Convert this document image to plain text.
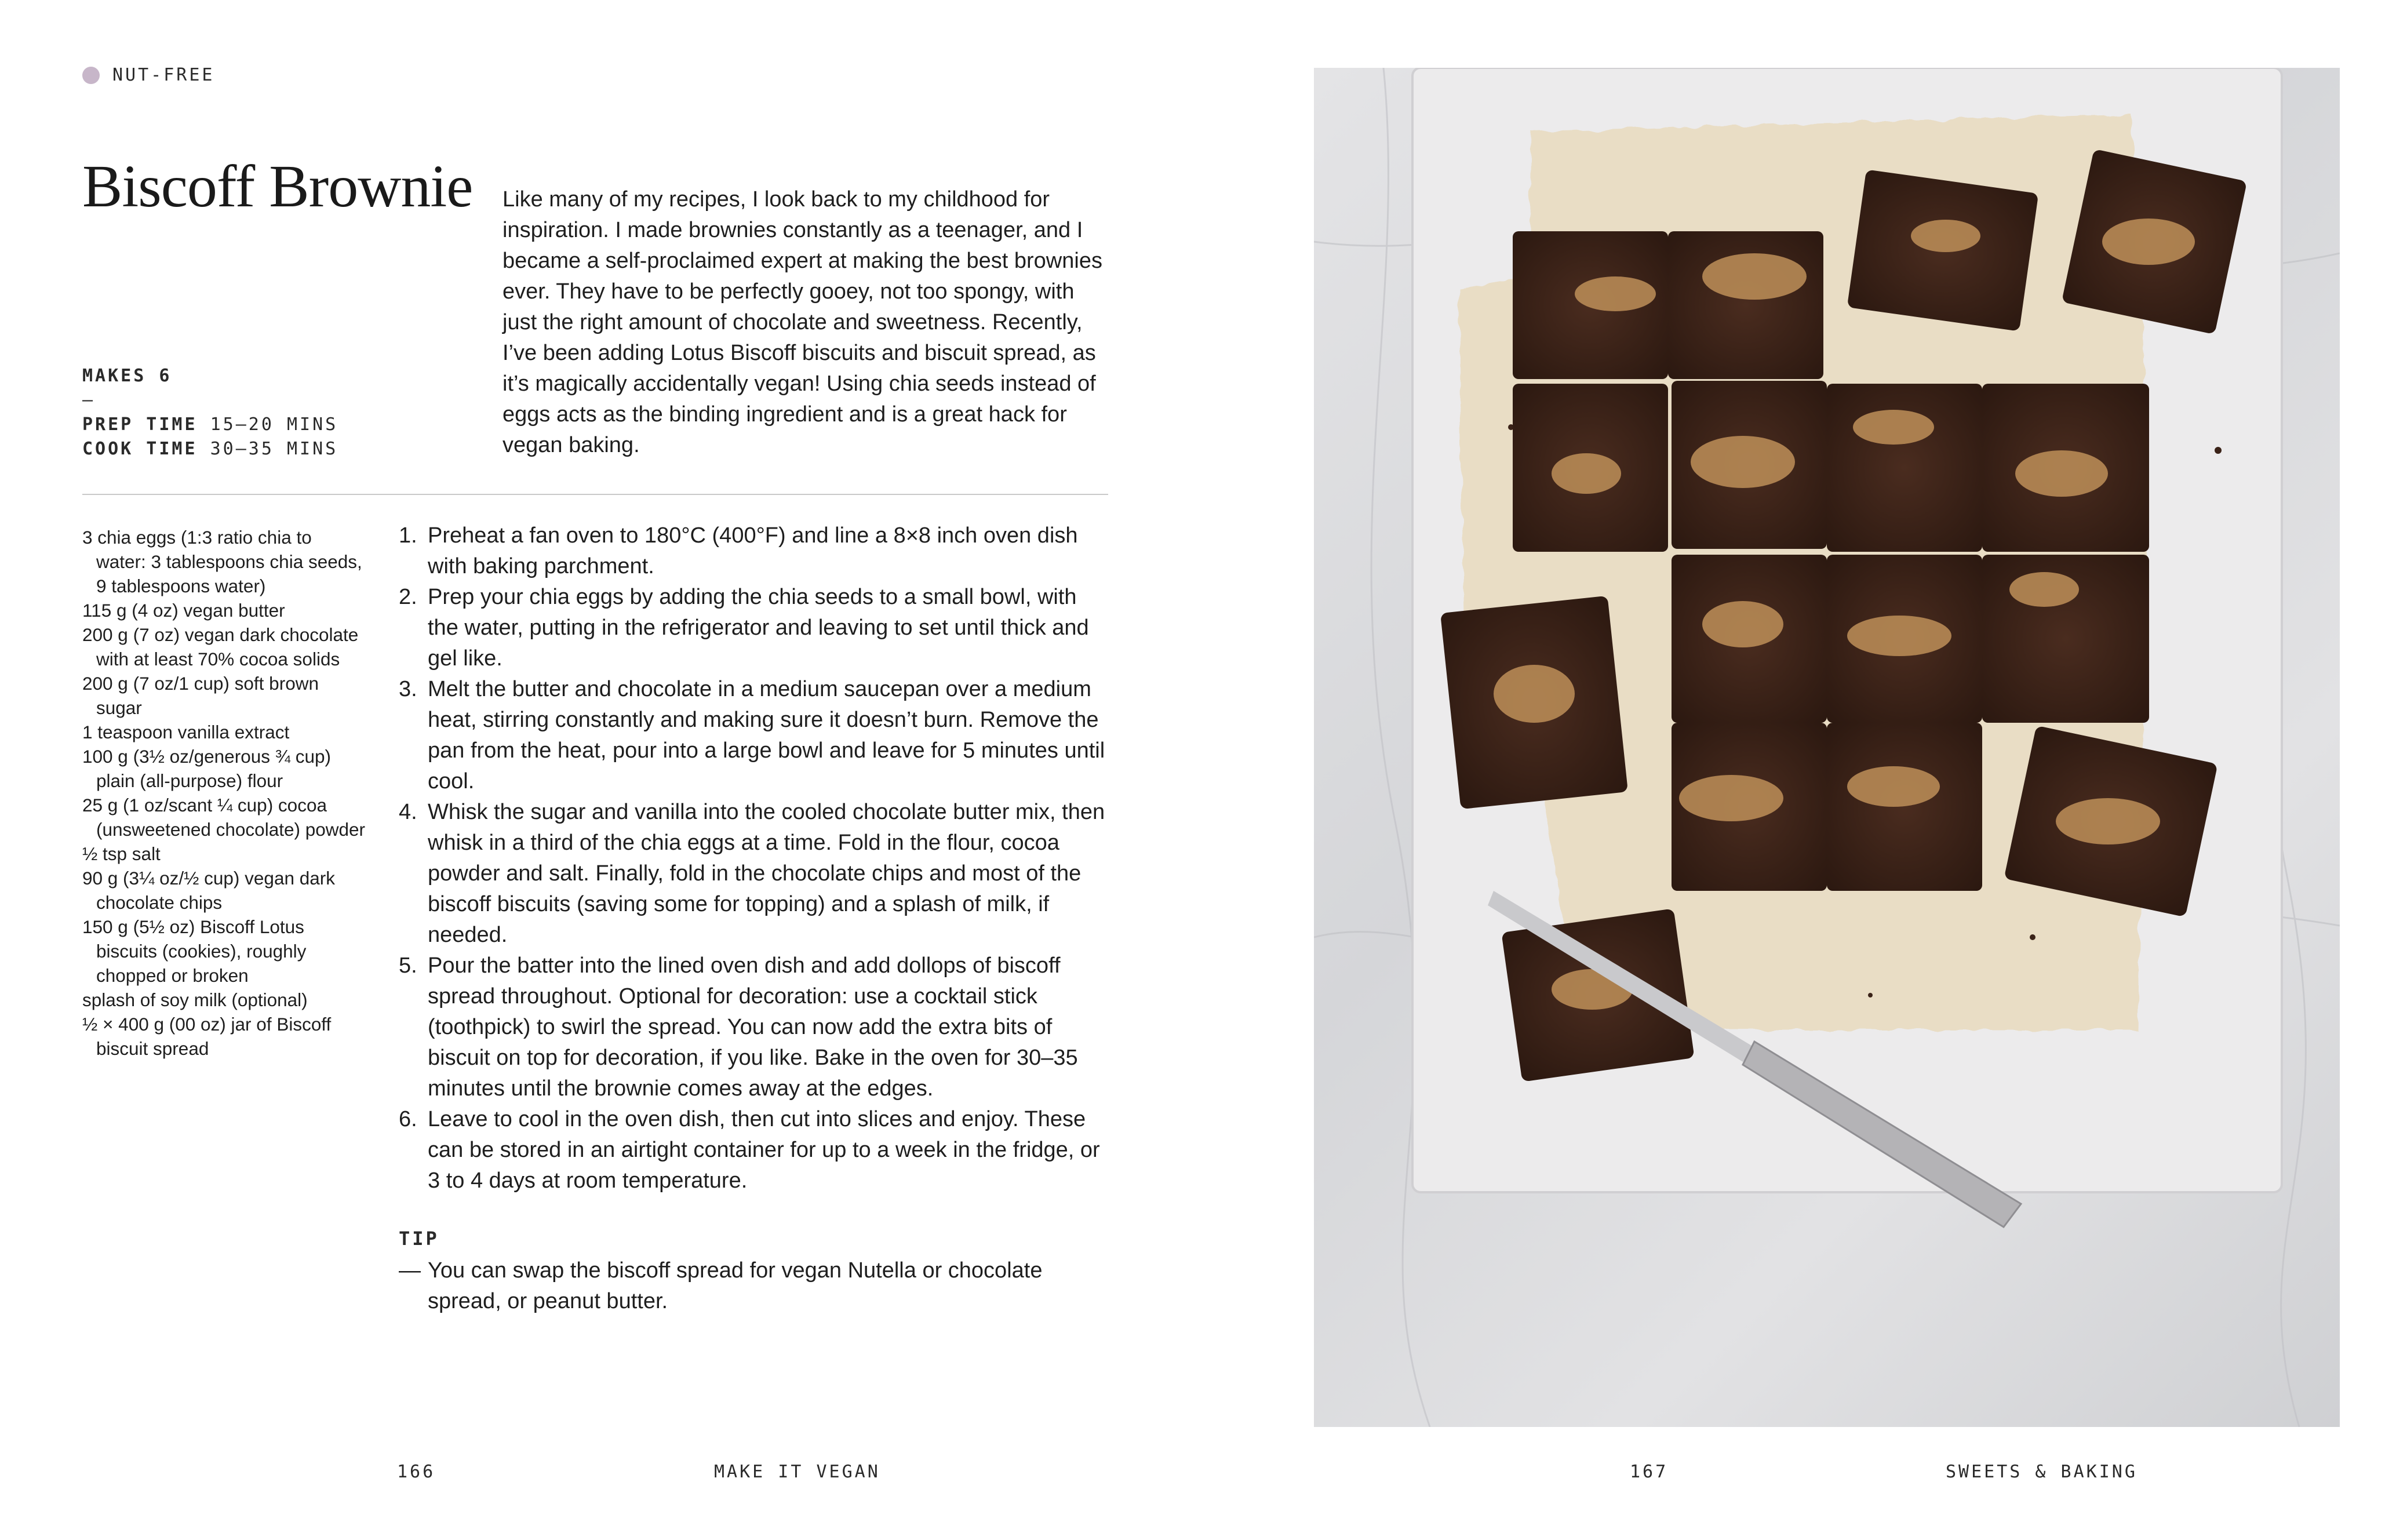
NUT-FREE
Biscoff Brownie
MAKES 6
–
PREP TIME 15–20 MINS
COOK TIME 30–35 MINS

Like many of my recipes, I look back to my childhood for inspiration. I made brownies constantly as a teenager, and I became a self-proclaimed expert at making the best brownies ever. They have to be perfectly gooey, not too spongy, with just the right amount of chocolate and sweetness. Recently, I’ve been adding Lotus Biscoff biscuits and biscuit spread, as it’s magically accidentally vegan! Using chia seeds instead of eggs acts as the binding ingredient and is a great hack for vegan baking.

3 chia eggs (1:3 ratio chia to water: 3 tablespoons chia seeds, 9 tablespoons water)
115 g (4 oz) vegan butter
200 g (7 oz) vegan dark chocolate with at least 70% cocoa solids
200 g (7 oz/1 cup) soft brown sugar
1 teaspoon vanilla extract
100 g (3½ oz/generous ¾ cup) plain (all-purpose) flour
25 g (1 oz/scant ¼ cup) cocoa (unsweetened chocolate) powder
½ tsp salt
90 g (3¼ oz/½ cup) vegan dark chocolate chips
150 g (5½ oz) Biscoff Lotus biscuits (cookies), roughly chopped or broken
splash of soy milk (optional)
½ × 400 g (00 oz) jar of Biscoff biscuit spread
1. Preheat a fan oven to 180°C (400°F) and line a 8×8 inch oven dish with baking parchment.
2. Prep your chia eggs by adding the chia seeds to a small bowl, with the water, putting in the refrigerator and leaving to set until thick and gel like.
3. Melt the butter and chocolate in a medium saucepan over a medium heat, stirring constantly and making sure it doesn’t burn. Remove the pan from the heat, pour into a large bowl and leave for 5 minutes until cool.
4. Whisk the sugar and vanilla into the cooled chocolate butter mix, then whisk in a third of the chia eggs at a time. Fold in the flour, cocoa powder and salt. Finally, fold in the chocolate chips and most of the biscoff biscuits (saving some for topping) and a splash of milk, if needed.
5. Pour the batter into the lined oven dish and add dollops of biscoff spread throughout. Optional for decoration: use a cocktail stick (toothpick) to swirl the spread. You can now add the extra bits of biscuit on top for decoration, if you like. Bake in the oven for 30–35 minutes until the brownie comes away at the edges.
6. Leave to cool in the oven dish, then cut into slices and enjoy. These can be stored in an airtight container for up to a week in the fridge, or 3 to 4 days at room temperature.
TIP
— You can swap the biscoff spread for vegan Nutella or chocolate spread, or peanut butter.
166	MAKE IT VEGAN	167	SWEETS & BAKING
